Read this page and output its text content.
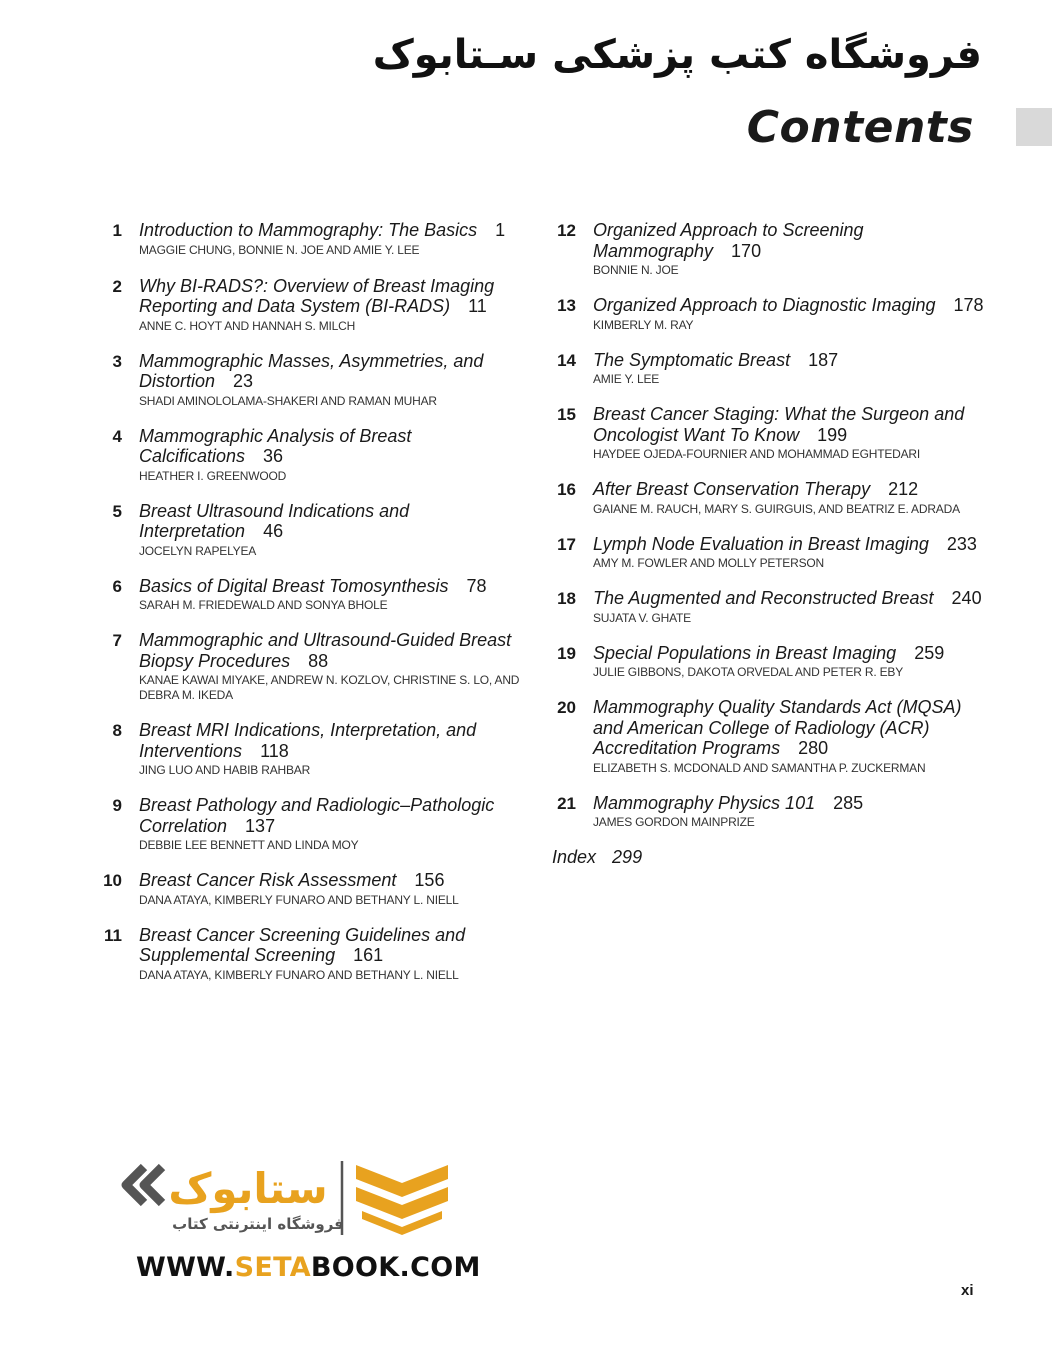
فروشگاه کتب پزشکی سـتابوک
Contents
1 Introduction to Mammography: The Basics 1
MAGGIE CHUNG, BONNIE N. JOE AND AMIE Y. LEE
2 Why BI-RADS?: Overview of Breast Imaging Reporting and Data System (BI-RADS) 11
ANNE C. HOYT AND HANNAH S. MILCH
3 Mammographic Masses, Asymmetries, and Distortion 23
SHADI AMINOLOLAMA-SHAKERI AND RAMAN MUHAR
4 Mammographic Analysis of Breast Calcifications 36
HEATHER I. GREENWOOD
5 Breast Ultrasound Indications and Interpretation 46
JOCELYN RAPELYEA
6 Basics of Digital Breast Tomosynthesis 78
SARAH M. FRIEDEWALD AND SONYA BHOLE
7 Mammographic and Ultrasound-Guided Breast Biopsy Procedures 88
KANAE KAWAI MIYAKE, ANDREW N. KOZLOV, CHRISTINE S. LO, AND DEBRA M. IKEDA
8 Breast MRI Indications, Interpretation, and Interventions 118
JING LUO AND HABIB RAHBAR
9 Breast Pathology and Radiologic–Pathologic Correlation 137
DEBBIE LEE BENNETT AND LINDA MOY
10 Breast Cancer Risk Assessment 156
DANA ATAYA, KIMBERLY FUNARO AND BETHANY L. NIELL
11 Breast Cancer Screening Guidelines and Supplemental Screening 161
DANA ATAYA, KIMBERLY FUNARO AND BETHANY L. NIELL
12 Organized Approach to Screening Mammography 170
BONNIE N. JOE
13 Organized Approach to Diagnostic Imaging 178
KIMBERLY M. RAY
14 The Symptomatic Breast 187
AMIE Y. LEE
15 Breast Cancer Staging: What the Surgeon and Oncologist Want To Know 199
HAYDEE OJEDA-FOURNIER AND MOHAMMAD EGHTEDARI
16 After Breast Conservation Therapy 212
GAIANE M. RAUCH, MARY S. GUIRGUIS, AND BEATRIZ E. ADRADA
17 Lymph Node Evaluation in Breast Imaging 233
AMY M. FOWLER AND MOLLY PETERSON
18 The Augmented and Reconstructed Breast 240
SUJATA V. GHATE
19 Special Populations in Breast Imaging 259
JULIE GIBBONS, DAKOTA ORVEDAL AND PETER R. EBY
20 Mammography Quality Standards Act (MQSA) and American College of Radiology (ACR) Accreditation Programs 280
ELIZABETH S. MCDONALD AND SAMANTHA P. ZUCKERMAN
21 Mammography Physics 101 285
JAMES GORDON MAINPRIZE
Index 299
ستابوک
فروشگاه اینترنتی کتاب
WWW.SETABOOK.COM
xi
